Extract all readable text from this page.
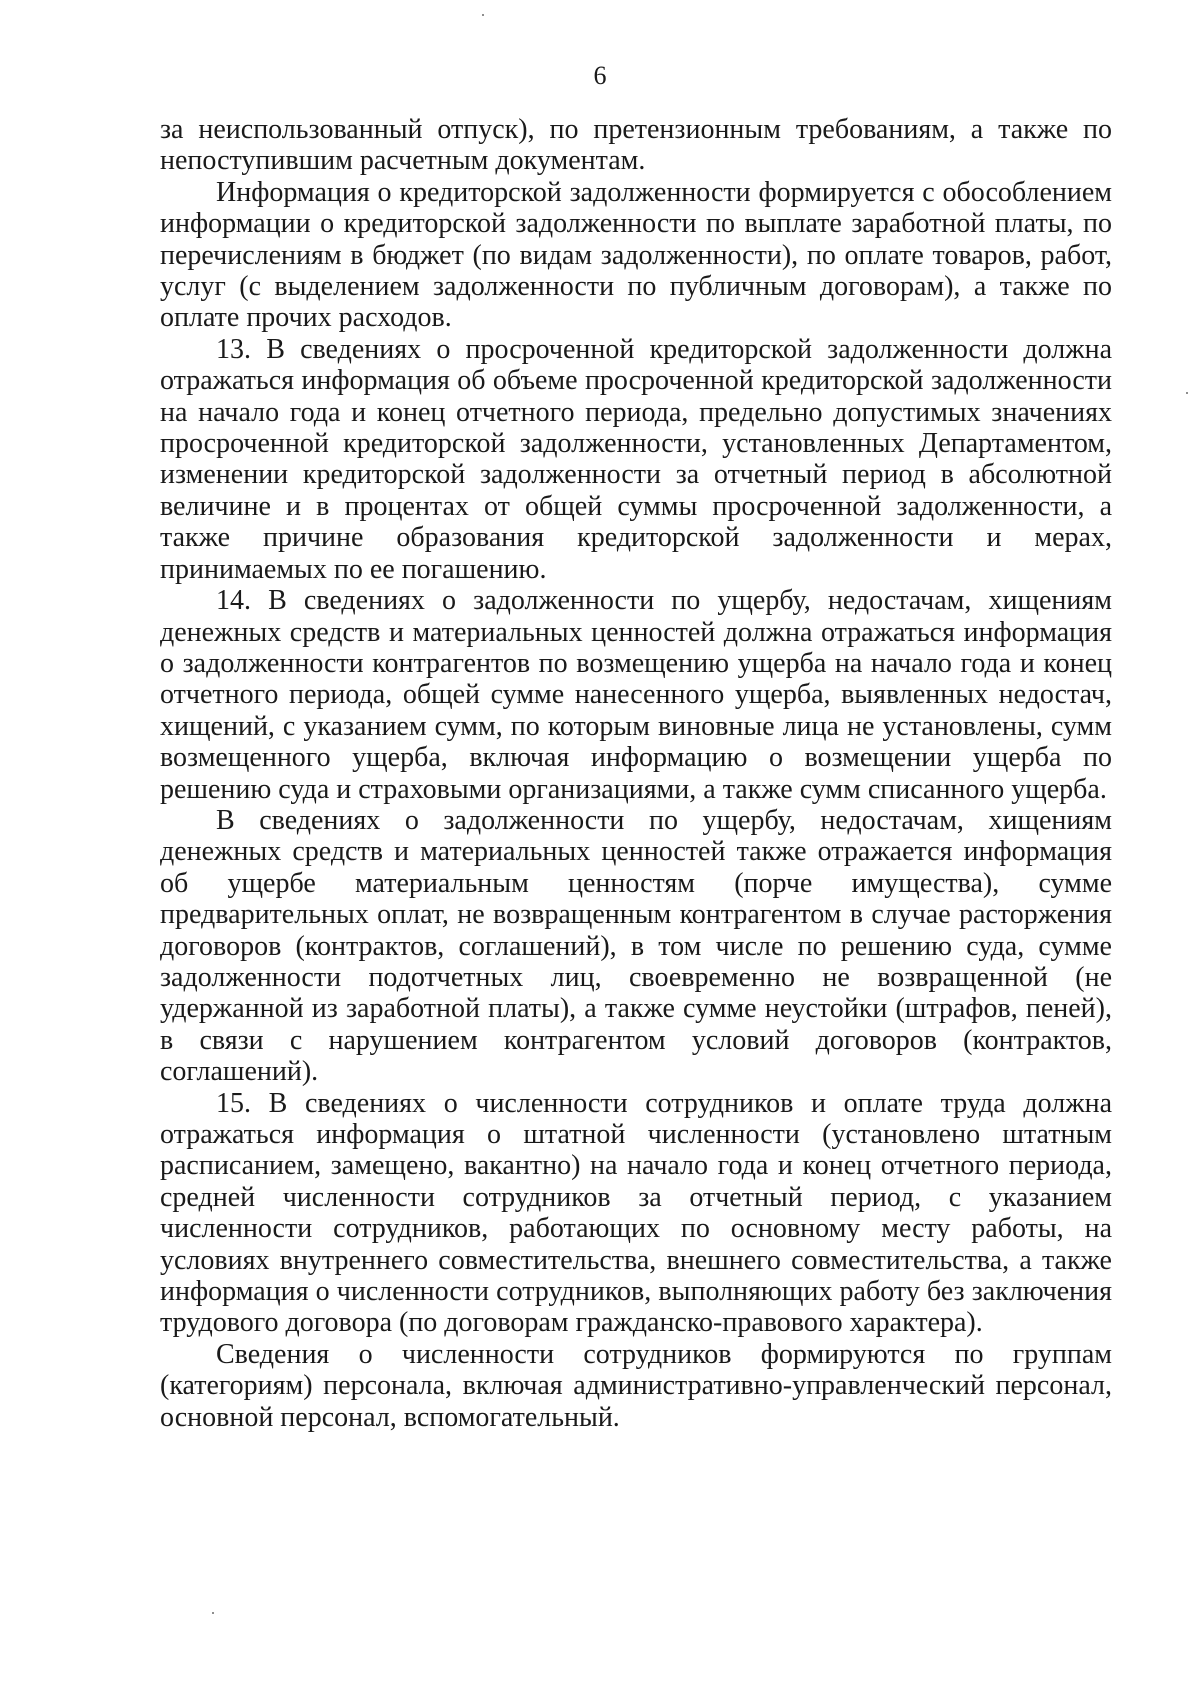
6

за неиспользованный отпуск), по претензионным требованиям, а также по непоступившим расчетным документам.

Информация о кредиторской задолженности формируется с обособлением информации о кредиторской задолженности по выплате заработной платы, по перечислениям в бюджет (по видам задолженности), по оплате товаров, работ, услуг (с выделением задолженности по публичным договорам), а также по оплате прочих расходов.

13. В сведениях о просроченной кредиторской задолженности должна отражаться информация об объеме просроченной кредиторской задолженности на начало года и конец отчетного периода, предельно допустимых значениях просроченной кредиторской задолженности, установленных Департаментом, изменении кредиторской задолженности за отчетный период в абсолютной величине и в процентах от общей суммы просроченной задолженности, а также причине образования кредиторской задолженности и мерах, принимаемых по ее погашению.

14. В сведениях о задолженности по ущербу, недостачам, хищениям денежных средств и материальных ценностей должна отражаться информация о задолженности контрагентов по возмещению ущерба на начало года и конец отчетного периода, общей сумме нанесенного ущерба, выявленных недостач, хищений, с указанием сумм, по которым виновные лица не установлены, сумм возмещенного ущерба, включая информацию о возмещении ущерба по решению суда и страховыми организациями, а также сумм списанного ущерба.

В сведениях о задолженности по ущербу, недостачам, хищениям денежных средств и материальных ценностей также отражается информация об ущербе материальным ценностям (порче имущества), сумме предварительных оплат, не возвращенным контрагентом в случае расторжения договоров (контрактов, соглашений), в том числе по решению суда, сумме задолженности подотчетных лиц, своевременно не возвращенной (не удержанной из заработной платы), а также сумме неустойки (штрафов, пеней), в связи с нарушением контрагентом условий договоров (контрактов, соглашений).

15. В сведениях о численности сотрудников и оплате труда должна отражаться информация о штатной численности (установлено штатным расписанием, замещено, вакантно) на начало года и конец отчетного периода, средней численности сотрудников за отчетный период, с указанием численности сотрудников, работающих по основному месту работы, на условиях внутреннего совместительства, внешнего совместительства, а также информация о численности сотрудников, выполняющих работу без заключения трудового договора (по договорам гражданско-правового характера).

Сведения о численности сотрудников формируются по группам (категориям) персонала, включая административно-управленческий персонал, основной персонал, вспомогательный.
